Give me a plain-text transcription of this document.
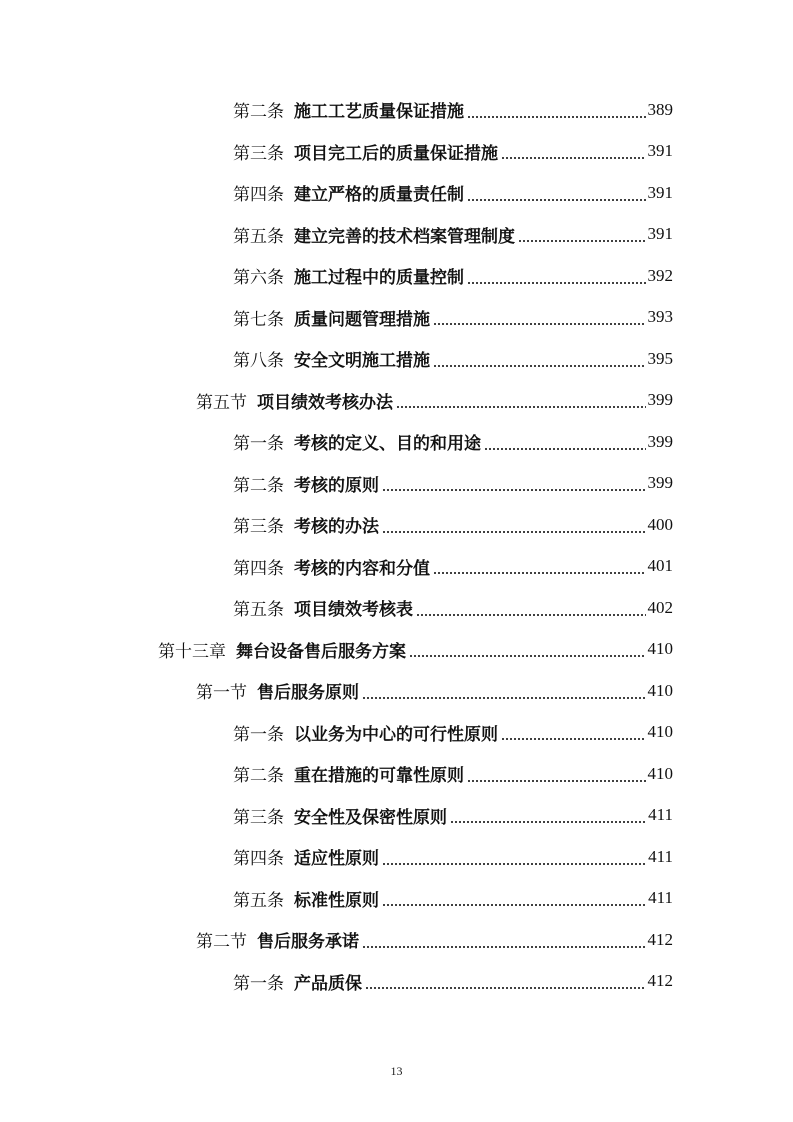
第二条 施工工艺质量保证措施	389
第三条 项目完工后的质量保证措施	391
第四条 建立严格的质量责任制	391
第五条 建立完善的技术档案管理制度	391
第六条 施工过程中的质量控制	392
第七条 质量问题管理措施	393
第八条 安全文明施工措施	395
第五节 项目绩效考核办法	399
第一条 考核的定义、目的和用途	399
第二条 考核的原则	399
第三条 考核的办法	400
第四条 考核的内容和分值	401
第五条 项目绩效考核表	402
第十三章 舞台设备售后服务方案	410
第一节 售后服务原则	410
第一条 以业务为中心的可行性原则	410
第二条 重在措施的可靠性原则	410
第三条 安全性及保密性原则	411
第四条 适应性原则	411
第五条 标准性原则	411
第二节 售后服务承诺	412
第一条 产品质保	412
13
